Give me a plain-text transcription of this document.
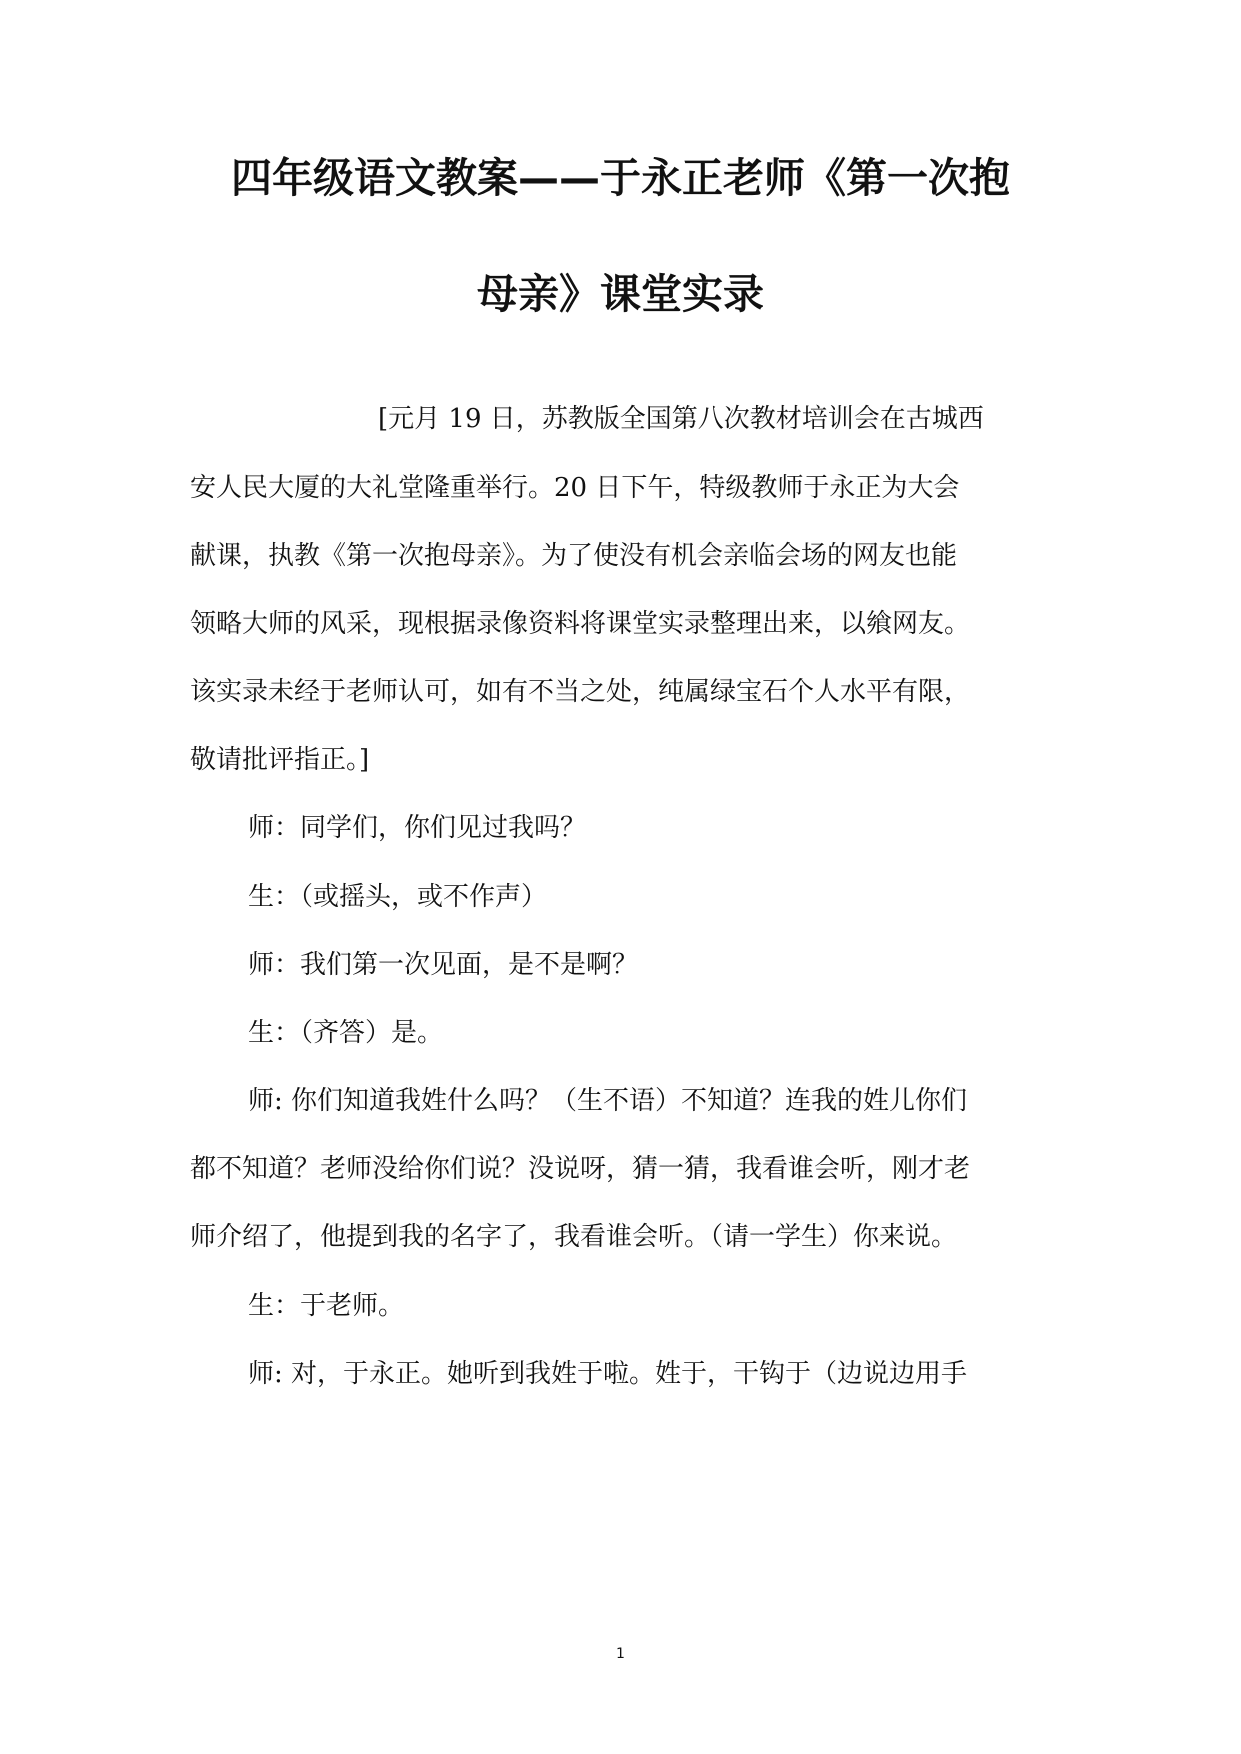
四年级语文教案——于永正老师《第一次抱
母亲》课堂实录
[元月 19 日，苏教版全国第八次教材培训会在古城西
安人民大厦的大礼堂隆重举行。20 日下午，特级教师于永正为大会
献课，执教《第一次抱母亲》。为了使没有机会亲临会场的网友也能
领略大师的风采，现根据录像资料将课堂实录整理出来，以飨网友。
该实录未经于老师认可，如有不当之处，纯属绿宝石个人水平有限，
敬请批评指正。]
师：同学们，你们见过我吗？
生：（或摇头，或不作声）
师：我们第一次见面，是不是啊？
生：（齐答）是。
师: 你们知道我姓什么吗？（生不语）不知道？连我的姓儿你们
都不知道？老师没给你们说？没说呀，猜一猜，我看谁会听，刚才老
师介绍了，他提到我的名字了，我看谁会听。（请一学生）你来说。
生：于老师。
师: 对，于永正。她听到我姓于啦。姓于，干钩于（边说边用手
1
